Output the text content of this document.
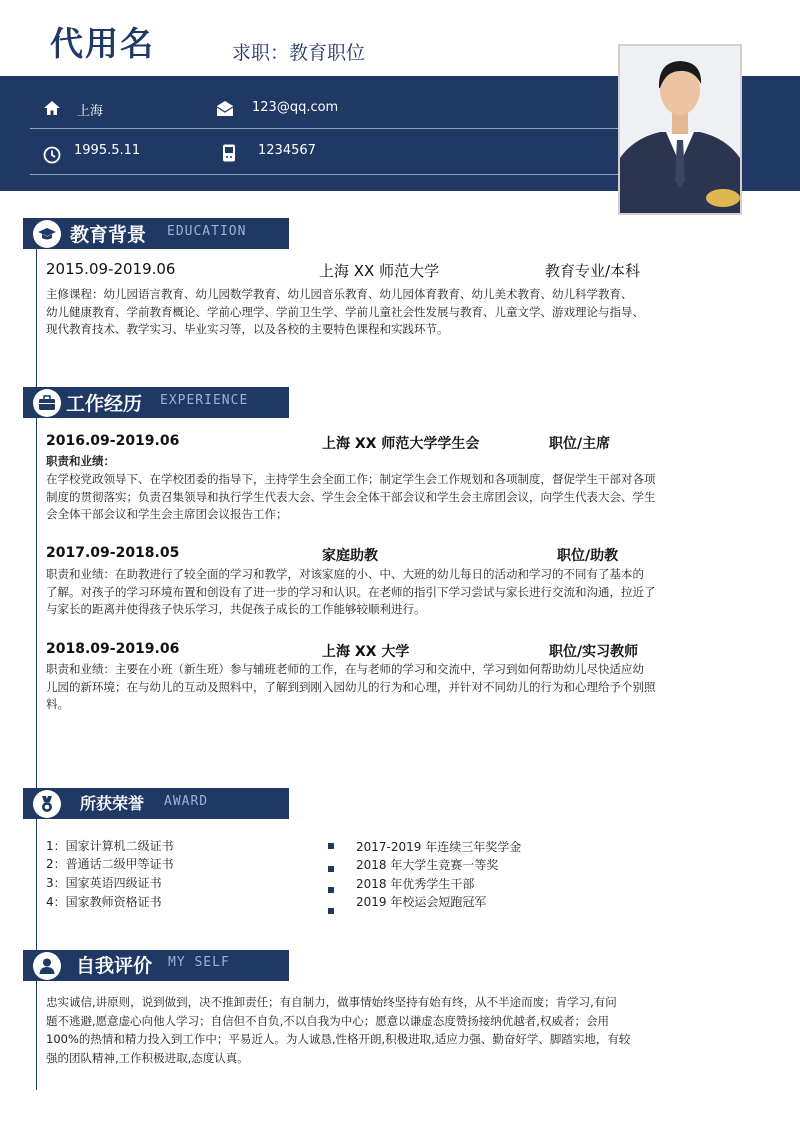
代用名	求职：教育职位
上海	123@qq.com
1995.5.11	1234567
教育背景 EDUCATION
2015.09-2019.06	上海 XX 师范大学	教育专业/本科
主修课程：幼儿园语言教育、幼儿园数学教育、幼儿园音乐教育、幼儿园体育教育、幼儿美术教育、幼儿科学教育、
幼儿健康教育、学前教育概论、学前心理学、学前卫生学、学前儿童社会性发展与教育、儿童文学、游戏理论与指导、
现代教育技术、教学实习、毕业实习等，以及各校的主要特色课程和实践环节。
工作经历 EXPERIENCE
2016.09-2019.06	上海 XX 师范大学学生会	职位/主席
职责和业绩：
在学校党政领导下、在学校团委的指导下，主持学生会全面工作；制定学生会工作规划和各项制度，督促学生干部对各项
制度的贯彻落实；负责召集领导和执行学生代表大会、学生会全体干部会议和学生会主席团会议，向学生代表大会、学生
会全体干部会议和学生会主席团会议报告工作；
2017.09-2018.05	家庭助教	职位/助教
职责和业绩：在助教进行了较全面的学习和教学，对该家庭的小、中、大班的幼儿每日的活动和学习的不同有了基本的
了解。对孩子的学习环境布置和创设有了进一步的学习和认识。在老师的指引下学习尝试与家长进行交流和沟通，拉近了
与家长的距离并使得孩子快乐学习，共促孩子成长的工作能够较顺利进行。
2018.09-2019.06	上海 XX 大学	职位/实习教师
职责和业绩：主要在小班（新生班）参与辅班老师的工作，在与老师的学习和交流中，学习到如何帮助幼儿尽快适应幼
儿园的新环境；在与幼儿的互动及照料中，了解到到刚入园幼儿的行为和心理，并针对不同幼儿的行为和心理给予个别照
料。
所获荣誉 AWARD
1：国家计算机二级证书
2：普通话二级甲等证书
3：国家英语四级证书
4：国家教师资格证书
2017-2019 年连续三年奖学金
2018 年大学生竞赛一等奖
2018 年优秀学生干部
2019 年校运会短跑冠军
自我评价 MY SELF
忠实诚信,讲原则，说到做到，决不推卸责任；有自制力，做事情始终坚持有始有终，从不半途而废；肯学习,有问
题不逃避,愿意虚心向他人学习；自信但不自负,不以自我为中心；愿意以谦虚态度赞扬接纳优越者,权威者；会用
100%的热情和精力投入到工作中；平易近人。为人诚恳,性格开朗,积极进取,适应力强、勤奋好学、脚踏实地，有较
强的团队精神,工作积极进取,态度认真。
